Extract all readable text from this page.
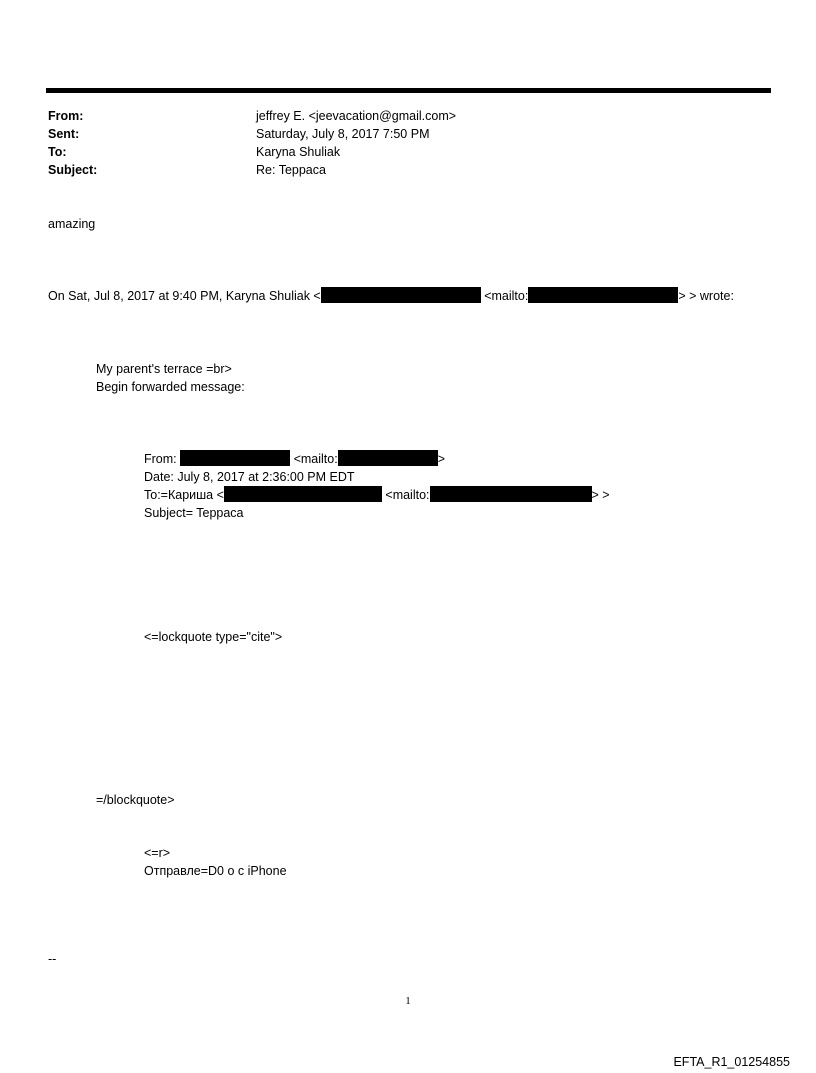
From:	jeffrey E. <jeevacation@gmail.com>
Sent:	Saturday, July 8, 2017 7:50 PM
To:	Karyna Shuliak
Subject:	Re: Teppaca
amazing
On Sat, Jul 8, 2017 at 9:40 PM, Karyna Shuliak <	<mailto:	> > wrote:
My parent's terrace =br>
Begin forwarded message:
From:	<mailto:	>
Date: July 8, 2017 at 2:36:00 PM EDT
To:=Кариша <	<mailto:	> >
Subject= Teppaca
<=lockquote type="cite">
=/blockquote>
<=r>
Отправле=D0 о с iPhone
--
1
EFTA_R1_01254855
